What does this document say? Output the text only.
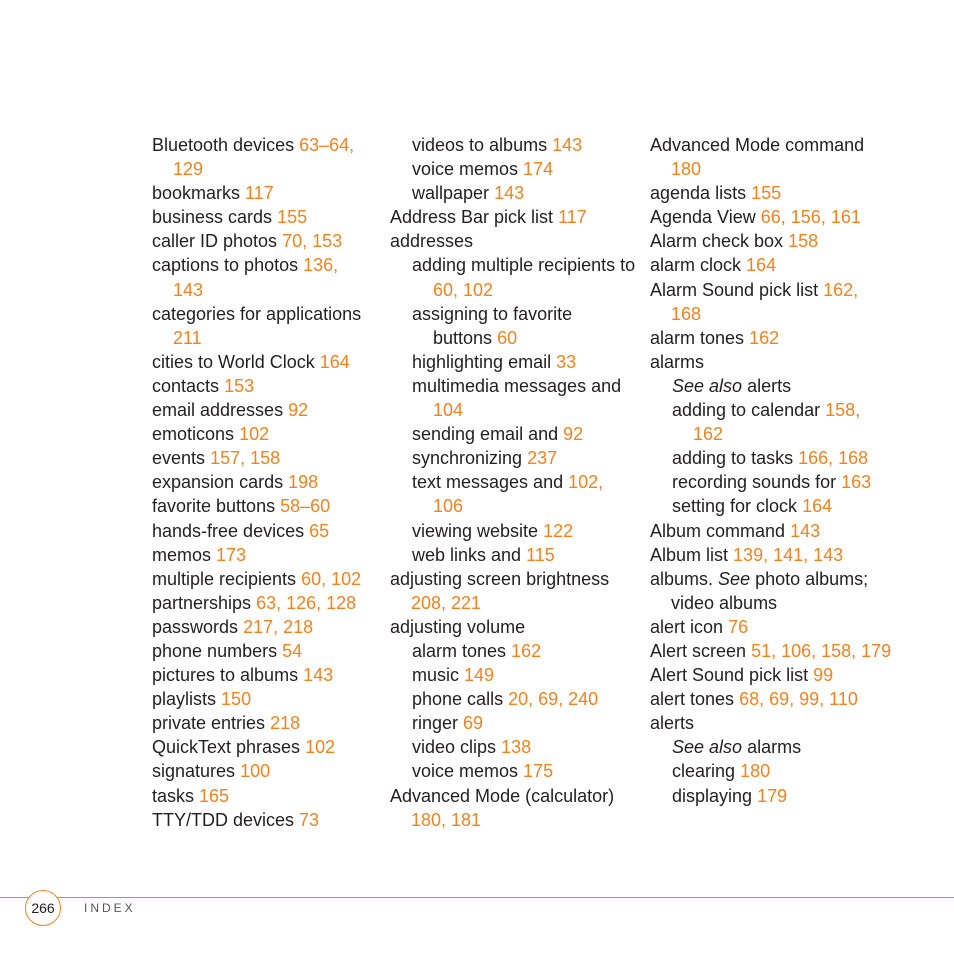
Bluetooth devices 63–64, 129
bookmarks 117
business cards 155
caller ID photos 70, 153
captions to photos 136, 143
categories for applications 211
cities to World Clock 164
contacts 153
email addresses 92
emoticons 102
events 157, 158
expansion cards 198
favorite buttons 58–60
hands-free devices 65
memos 173
multiple recipients 60, 102
partnerships 63, 126, 128
passwords 217, 218
phone numbers 54
pictures to albums 143
playlists 150
private entries 218
QuickText phrases 102
signatures 100
tasks 165
TTY/TDD devices 73
videos to albums 143
voice memos 174
wallpaper 143
Address Bar pick list 117
addresses
adding multiple recipients to 60, 102
assigning to favorite buttons 60
highlighting email 33
multimedia messages and 104
sending email and 92
synchronizing 237
text messages and 102, 106
viewing website 122
web links and 115
adjusting screen brightness 208, 221
adjusting volume
alarm tones 162
music 149
phone calls 20, 69, 240
ringer 69
video clips 138
voice memos 175
Advanced Mode (calculator) 180, 181
Advanced Mode command 180
agenda lists 155
Agenda View 66, 156, 161
Alarm check box 158
alarm clock 164
Alarm Sound pick list 162, 168
alarm tones 162
alarms
See also alerts
adding to calendar 158, 162
adding to tasks 166, 168
recording sounds for 163
setting for clock 164
Album command 143
Album list 139, 141, 143
albums. See photo albums; video albums
alert icon 76
Alert screen 51, 106, 158, 179
Alert Sound pick list 99
alert tones 68, 69, 99, 110
alerts
See also alarms
clearing 180
displaying 179
266 INDEX
